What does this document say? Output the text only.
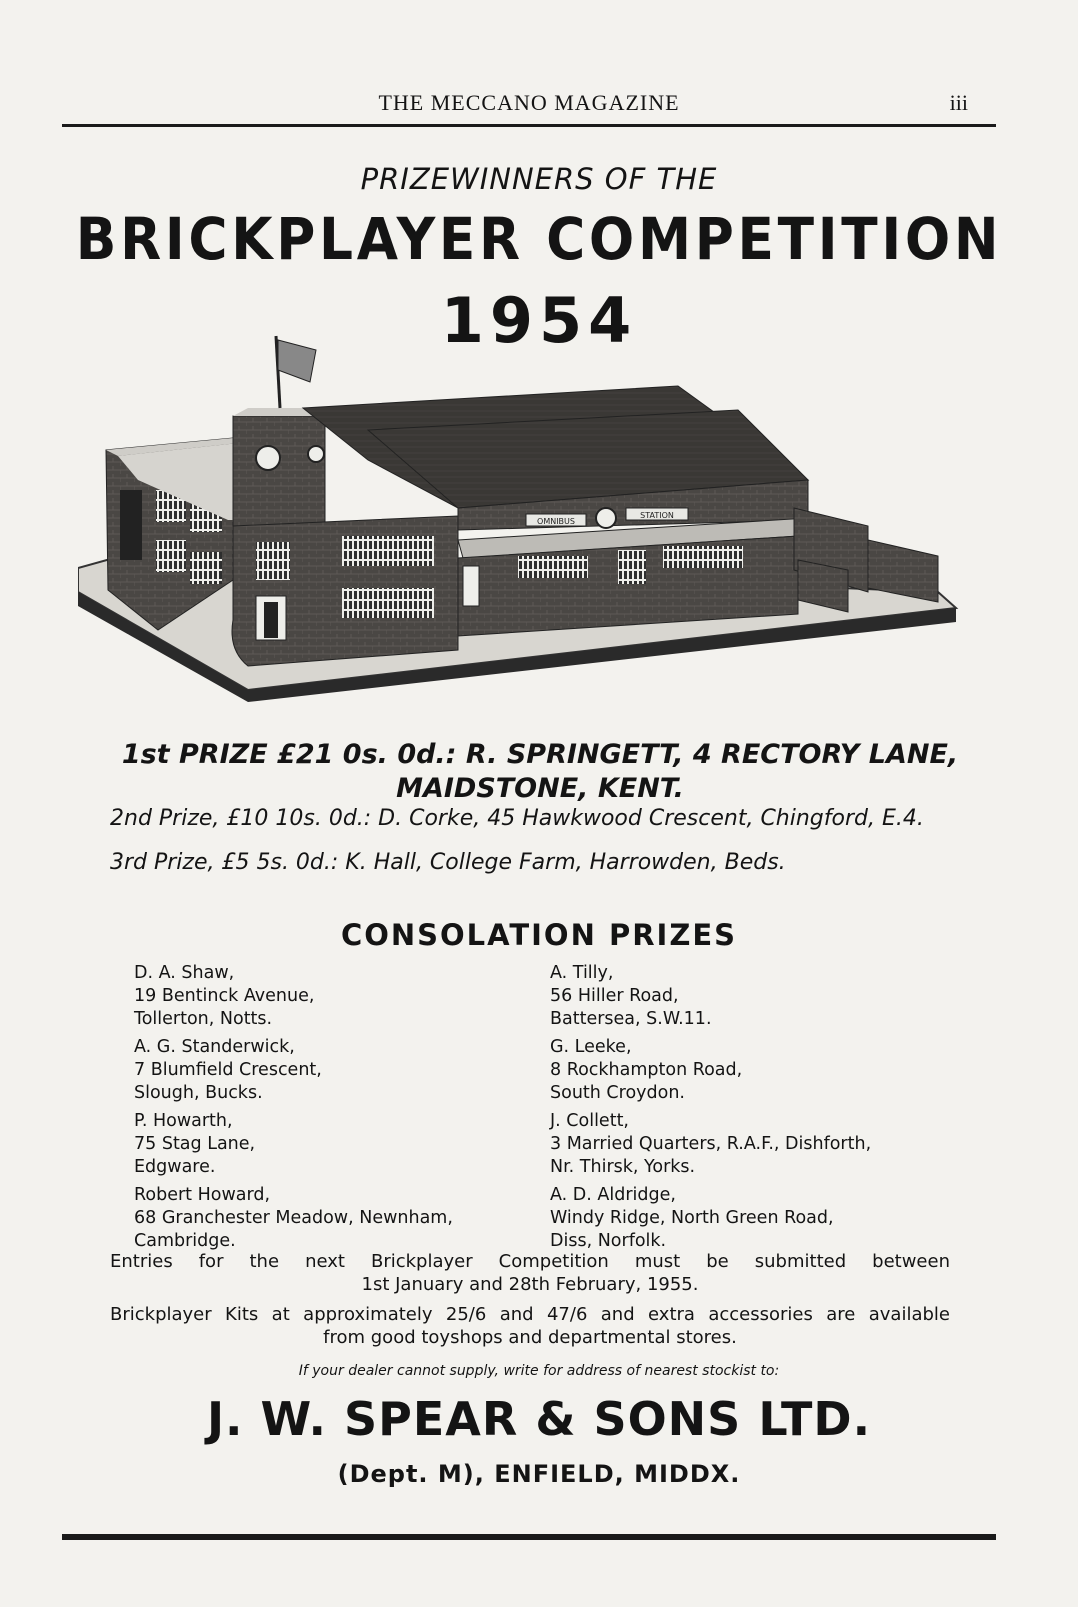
THE MECCANO MAGAZINE	iii
PRIZEWINNERS OF THE
BRICKPLAYER COMPETITION
1954
OMNIBUS
STATION
1st PRIZE £21 0s. 0d.: R. SPRINGETT, 4 RECTORY LANE,
MAIDSTONE, KENT.
2nd Prize, £10 10s. 0d.: D. Corke, 45 Hawkwood Crescent, Chingford, E.4.
3rd Prize, £5 5s. 0d.: K. Hall, College Farm, Harrowden, Beds.
CONSOLATION PRIZES
D. A. Shaw,
19 Bentinck Avenue,
Tollerton, Notts.
A. G. Standerwick,
7 Blumfield Crescent,
Slough, Bucks.
P. Howarth,
75 Stag Lane,
Edgware.
Robert Howard,
68 Granchester Meadow, Newnham,
Cambridge.
A. Tilly,
56 Hiller Road,
Battersea, S.W.11.
G. Leeke,
8 Rockhampton Road,
South Croydon.
J. Collett,
3 Married Quarters, R.A.F., Dishforth,
Nr. Thirsk, Yorks.
A. D. Aldridge,
Windy Ridge, North Green Road,
Diss, Norfolk.
Entries for the next Brickplayer Competition must be submitted between
1st January and 28th February, 1955.
Brickplayer Kits at approximately 25/6 and 47/6 and extra accessories are available
from good toyshops and departmental stores.
If your dealer cannot supply, write for address of nearest stockist to:
J. W. SPEAR & SONS LTD.
(Dept. M), ENFIELD, MIDDX.
